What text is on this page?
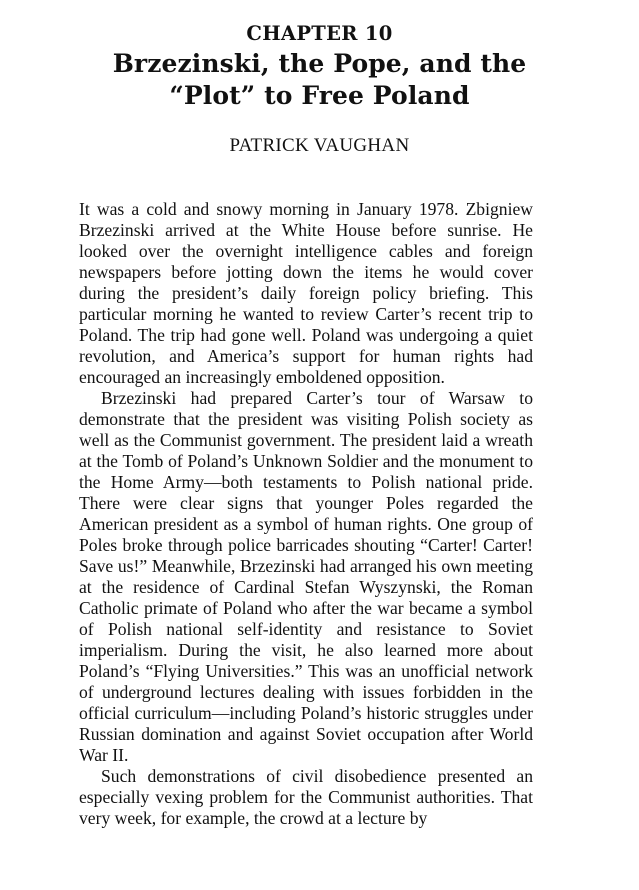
CHAPTER 10
Brzezinski, the Pope, and the
“Plot” to Free Poland
PATRICK VAUGHAN

It was a cold and snowy morning in January 1978. Zbigniew Brzezinski arrived at the White House before sunrise. He looked over the overnight intelligence cables and foreign newspapers before jotting down the items he would cover during the president’s daily foreign policy briefing. This particular morning he wanted to review Carter’s recent trip to Poland. The trip had gone well. Poland was undergoing a quiet revolution, and America’s support for human rights had encouraged an increasingly emboldened opposition.

Brzezinski had prepared Carter’s tour of Warsaw to demonstrate that the president was visiting Polish society as well as the Communist government. The president laid a wreath at the Tomb of Poland’s Unknown Soldier and the monument to the Home Army—both testaments to Polish national pride. There were clear signs that younger Poles regarded the American president as a symbol of human rights. One group of Poles broke through police barricades shouting “Carter! Carter! Save us!” Meanwhile, Brzezinski had arranged his own meeting at the residence of Cardinal Stefan Wyszynski, the Roman Catholic primate of Poland who after the war became a symbol of Polish national self-identity and resistance to Soviet imperialism. During the visit, he also learned more about Poland’s “Flying Universities.” This was an unofficial network of underground lectures dealing with issues forbidden in the official curriculum—including Poland’s historic struggles under Russian domination and against Soviet occupation after World War II.

Such demonstrations of civil disobedience presented an especially vexing problem for the Communist authorities. That very week, for example, the crowd at a lecture by
